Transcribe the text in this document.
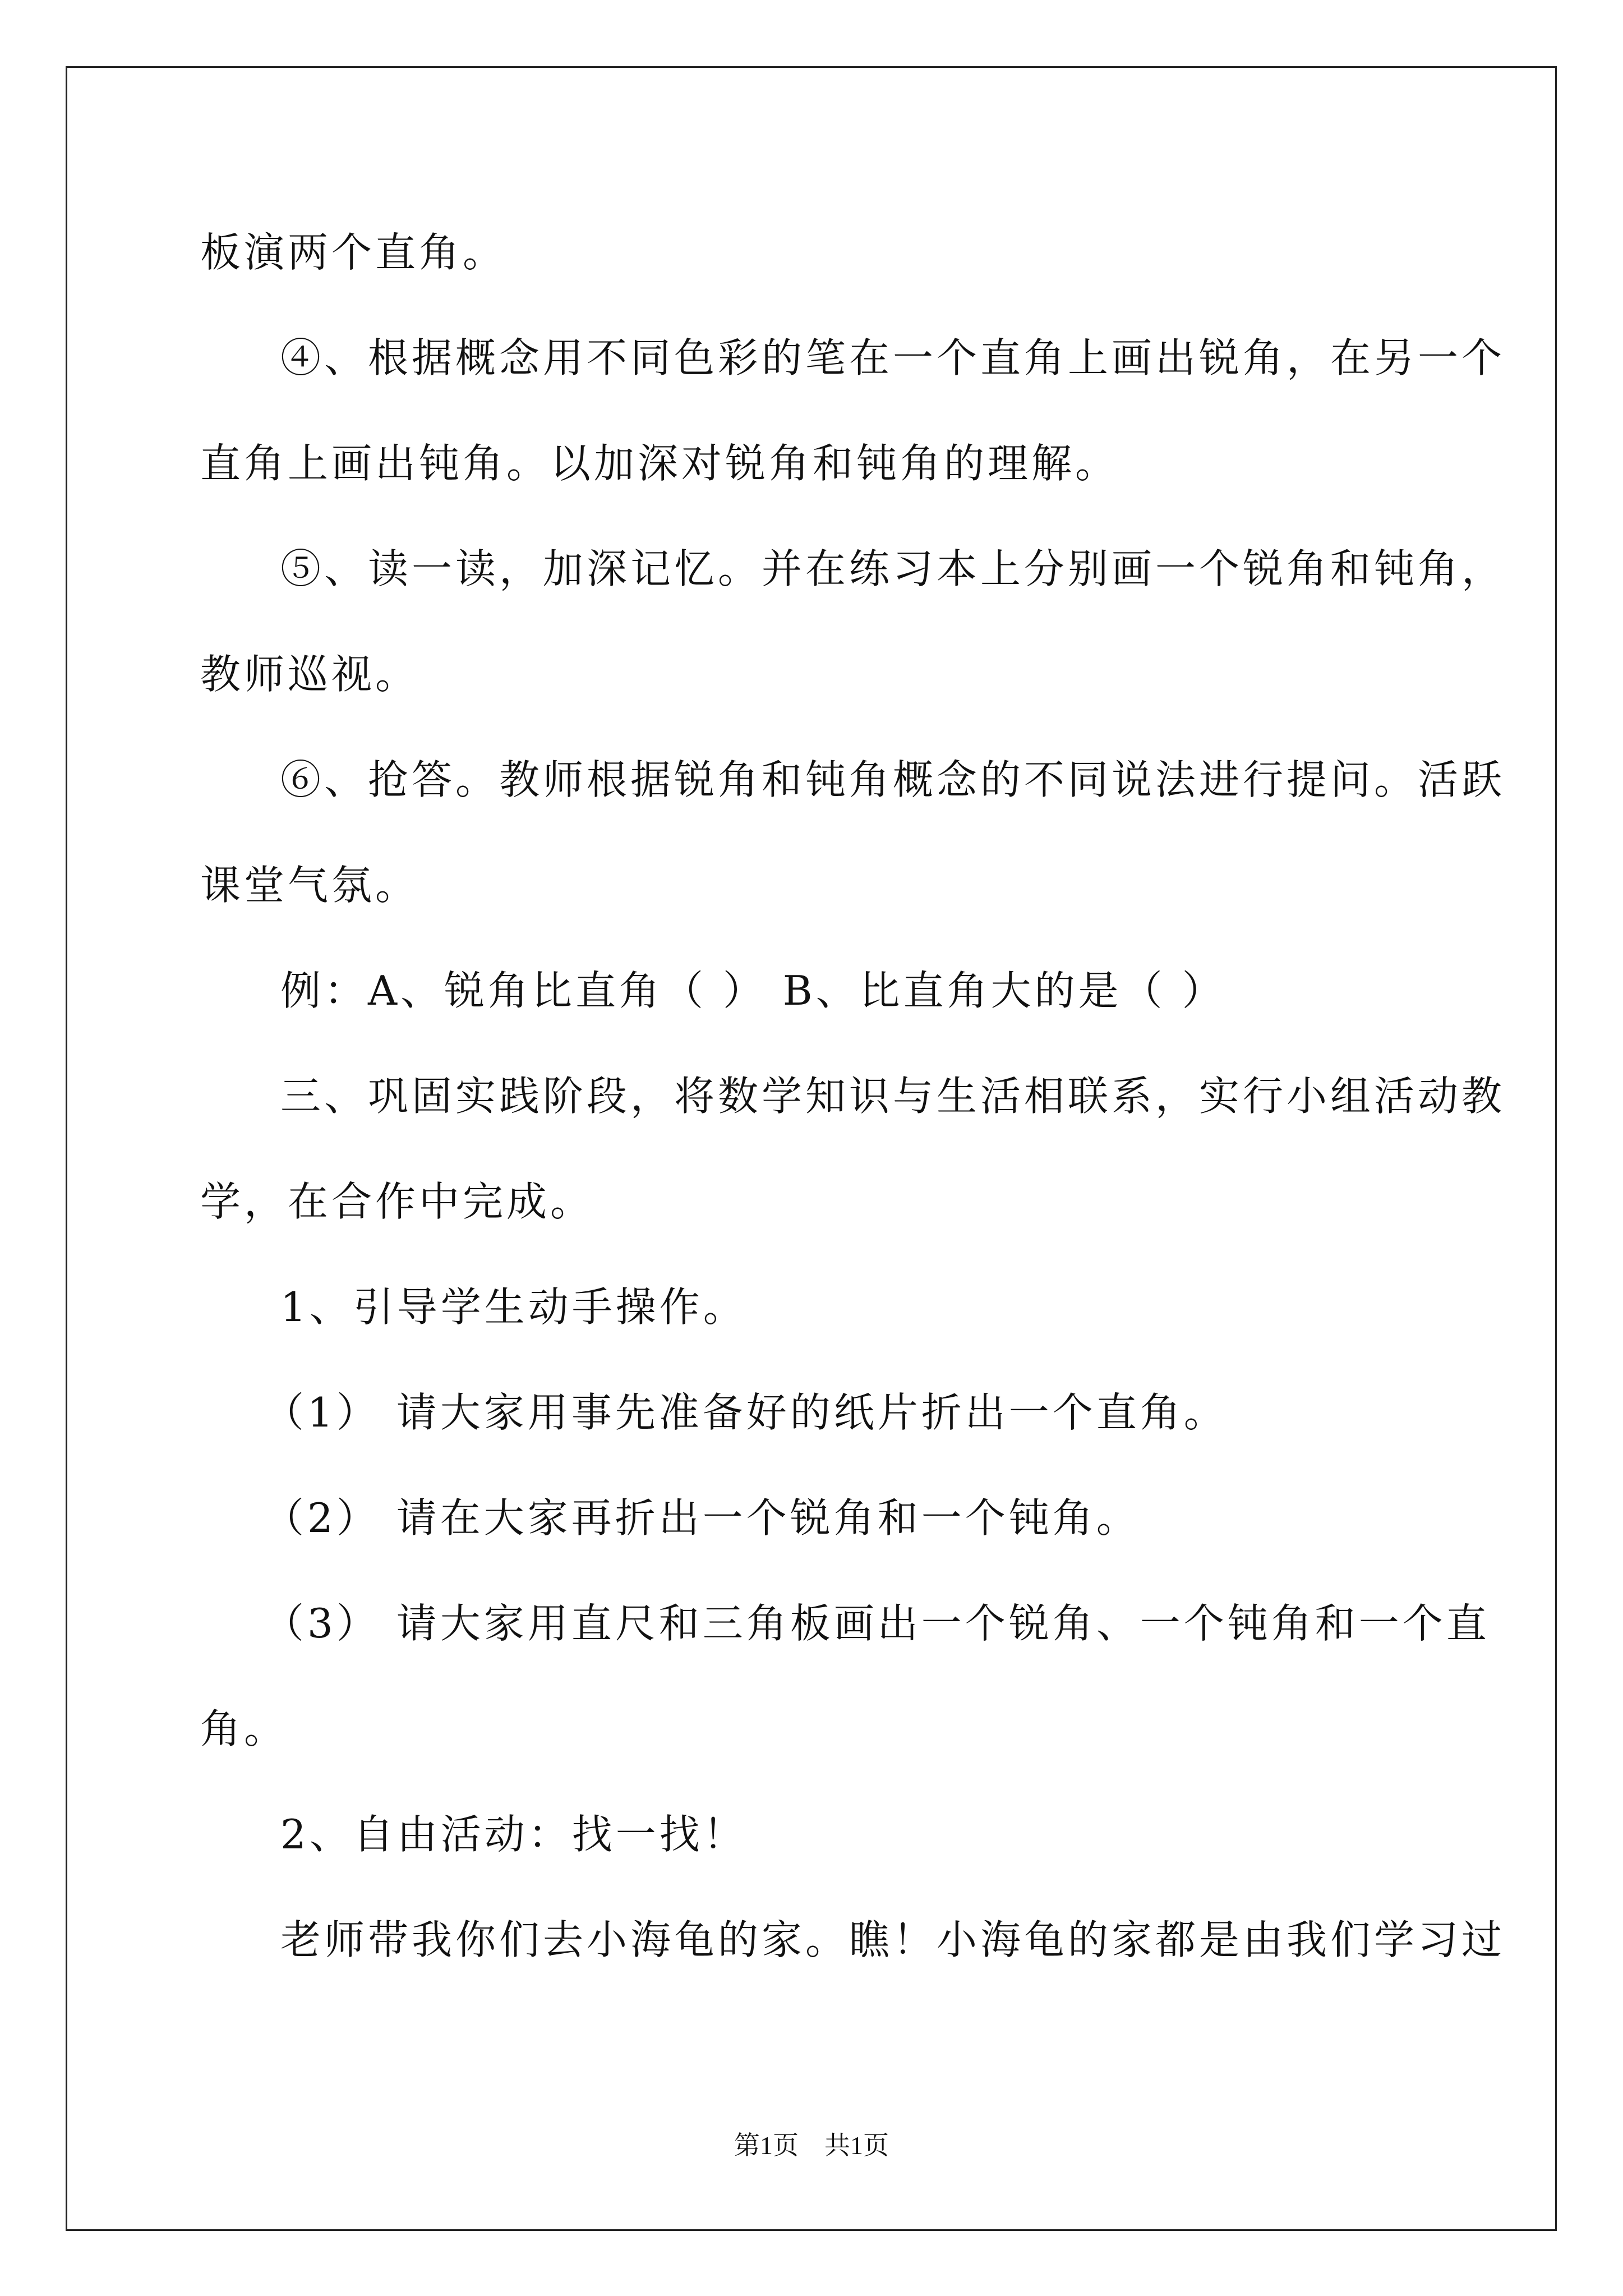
板演两个直角。
④、根据概念用不同色彩的笔在一个直角上画出锐角，在另一个
直角上画出钝角。以加深对锐角和钝角的理解。
⑤、读一读，加深记忆。并在练习本上分别画一个锐角和钝角，
教师巡视。
⑥、抢答。教师根据锐角和钝角概念的不同说法进行提问。活跃
课堂气氛。
例：A、锐角比直角（ ） B、比直角大的是（ ）
三、巩固实践阶段，将数学知识与生活相联系，实行小组活动教
学，在合作中完成。
1、引导学生动手操作。
（1） 请大家用事先准备好的纸片折出一个直角。
（2） 请在大家再折出一个锐角和一个钝角。
（3） 请大家用直尺和三角板画出一个锐角、一个钝角和一个直
角。
2、自由活动：找一找！
老师带我你们去小海龟的家。瞧！小海龟的家都是由我们学习过
第1页　共1页
